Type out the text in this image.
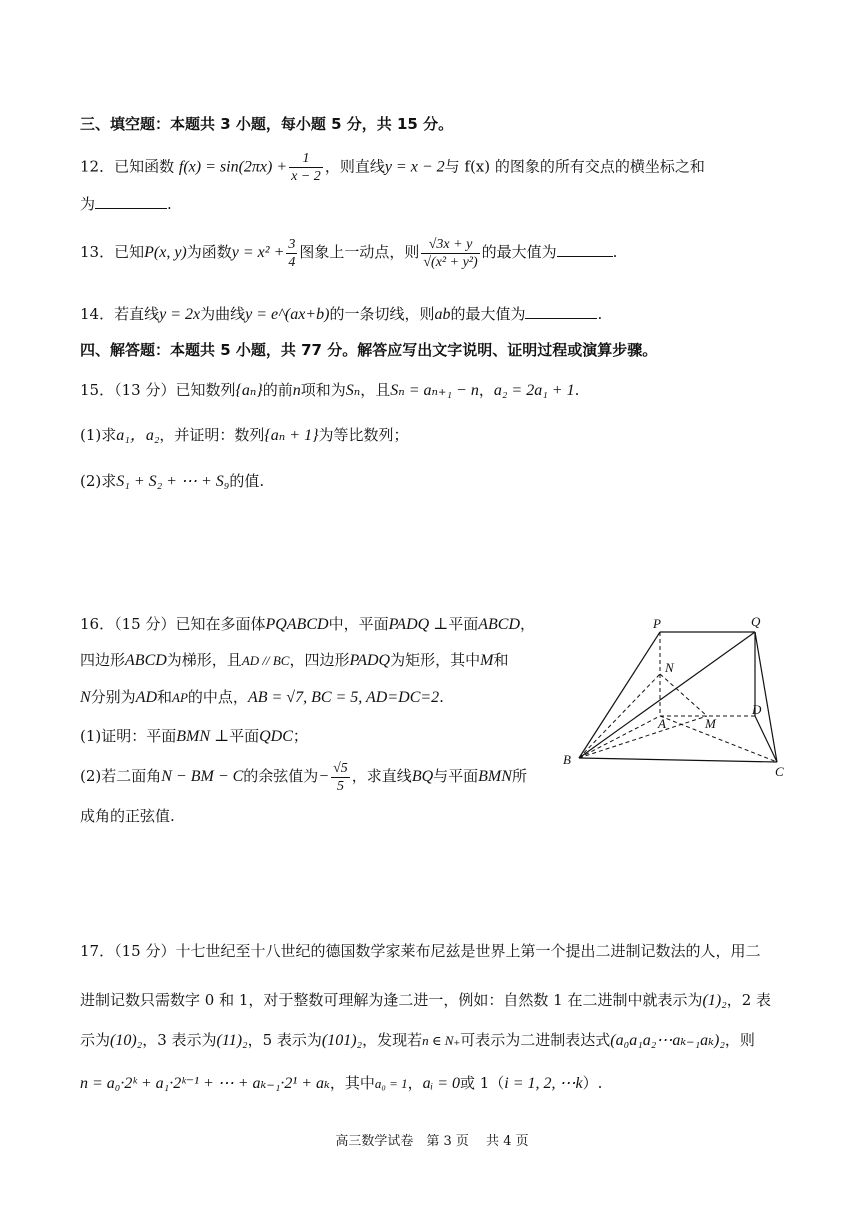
三、填空题：本题共 3 小题，每小题 5 分，共 15 分。
12．已知函数 $f(x) = \sin(2\pi x) + \frac{1}{x - 2}$ ，则直线y = x − 2与 f(x) 的图象的所有交点的横坐标之和
为	.
13．已知P(x, y)为函数$y = x^2 + \frac{3}{4}$ 图象上一动点，则 $\frac{√3x + y}{\text{√(x² + y²)}}$ 的最大值为	.
14．若直线y = 2x为曲线y = e^(ax+b)的一条切线，则ab的最大值为	.
四、解答题：本题共 5 小题，共 77 分。解答应写出文字说明、证明过程或演算步骤。
15．（13 分）已知数列{aₙ}的前n项和为Sₙ，且Sₙ = aₙ₊₁ − n，a₂ = 2a₁ + 1.
(1)求a₁，a₂，并证明：数列{aₙ + 1}为等比数列；
(2)求S₁ + S₂ + ⋯ + S₉的值.
16．（15 分）已知在多面体PQABCD中，平面PADQ ⊥平面ABCD，
四边形ABCD为梯形，且AD // BC，四边形PADQ为矩形，其中M和
N分别为AD和AP的中点，AB = √7, BC = 5, AD=DC=2.
(1)证明：平面BMN ⊥平面QDC；
(2)若二面角N − BM − C的余弦值为− $\frac{√5}{5}$ ，求直线BQ与平面BMN所
成角的正弦值.
P	Q
N
A	M
D
B
C
17．（15 分）十七世纪至十八世纪的德国数学家莱布尼兹是世界上第一个提出二进制记数法的人，用二
进制记数只需数字 0 和 1，对于整数可理解为逢二进一，例如：自然数 1 在二进制中就表示为(1)₂，2 表
示为(10)₂，3 表示为(11)₂，5 表示为(101)₂，发现若n ∈ N₊可表示为二进制表达式(a₀a₁a₂⋯aₖ₋₁aₖ)₂，则
n = a₀·2ᵏ + a₁·2ᵏ⁻¹ + ⋯ + aₖ₋₁·2¹ + aₖ，其中a₀ = 1，aᵢ = 0或 1（i = 1, 2, ⋯k）.
高三数学试卷　第 3 页　 共 4 页
